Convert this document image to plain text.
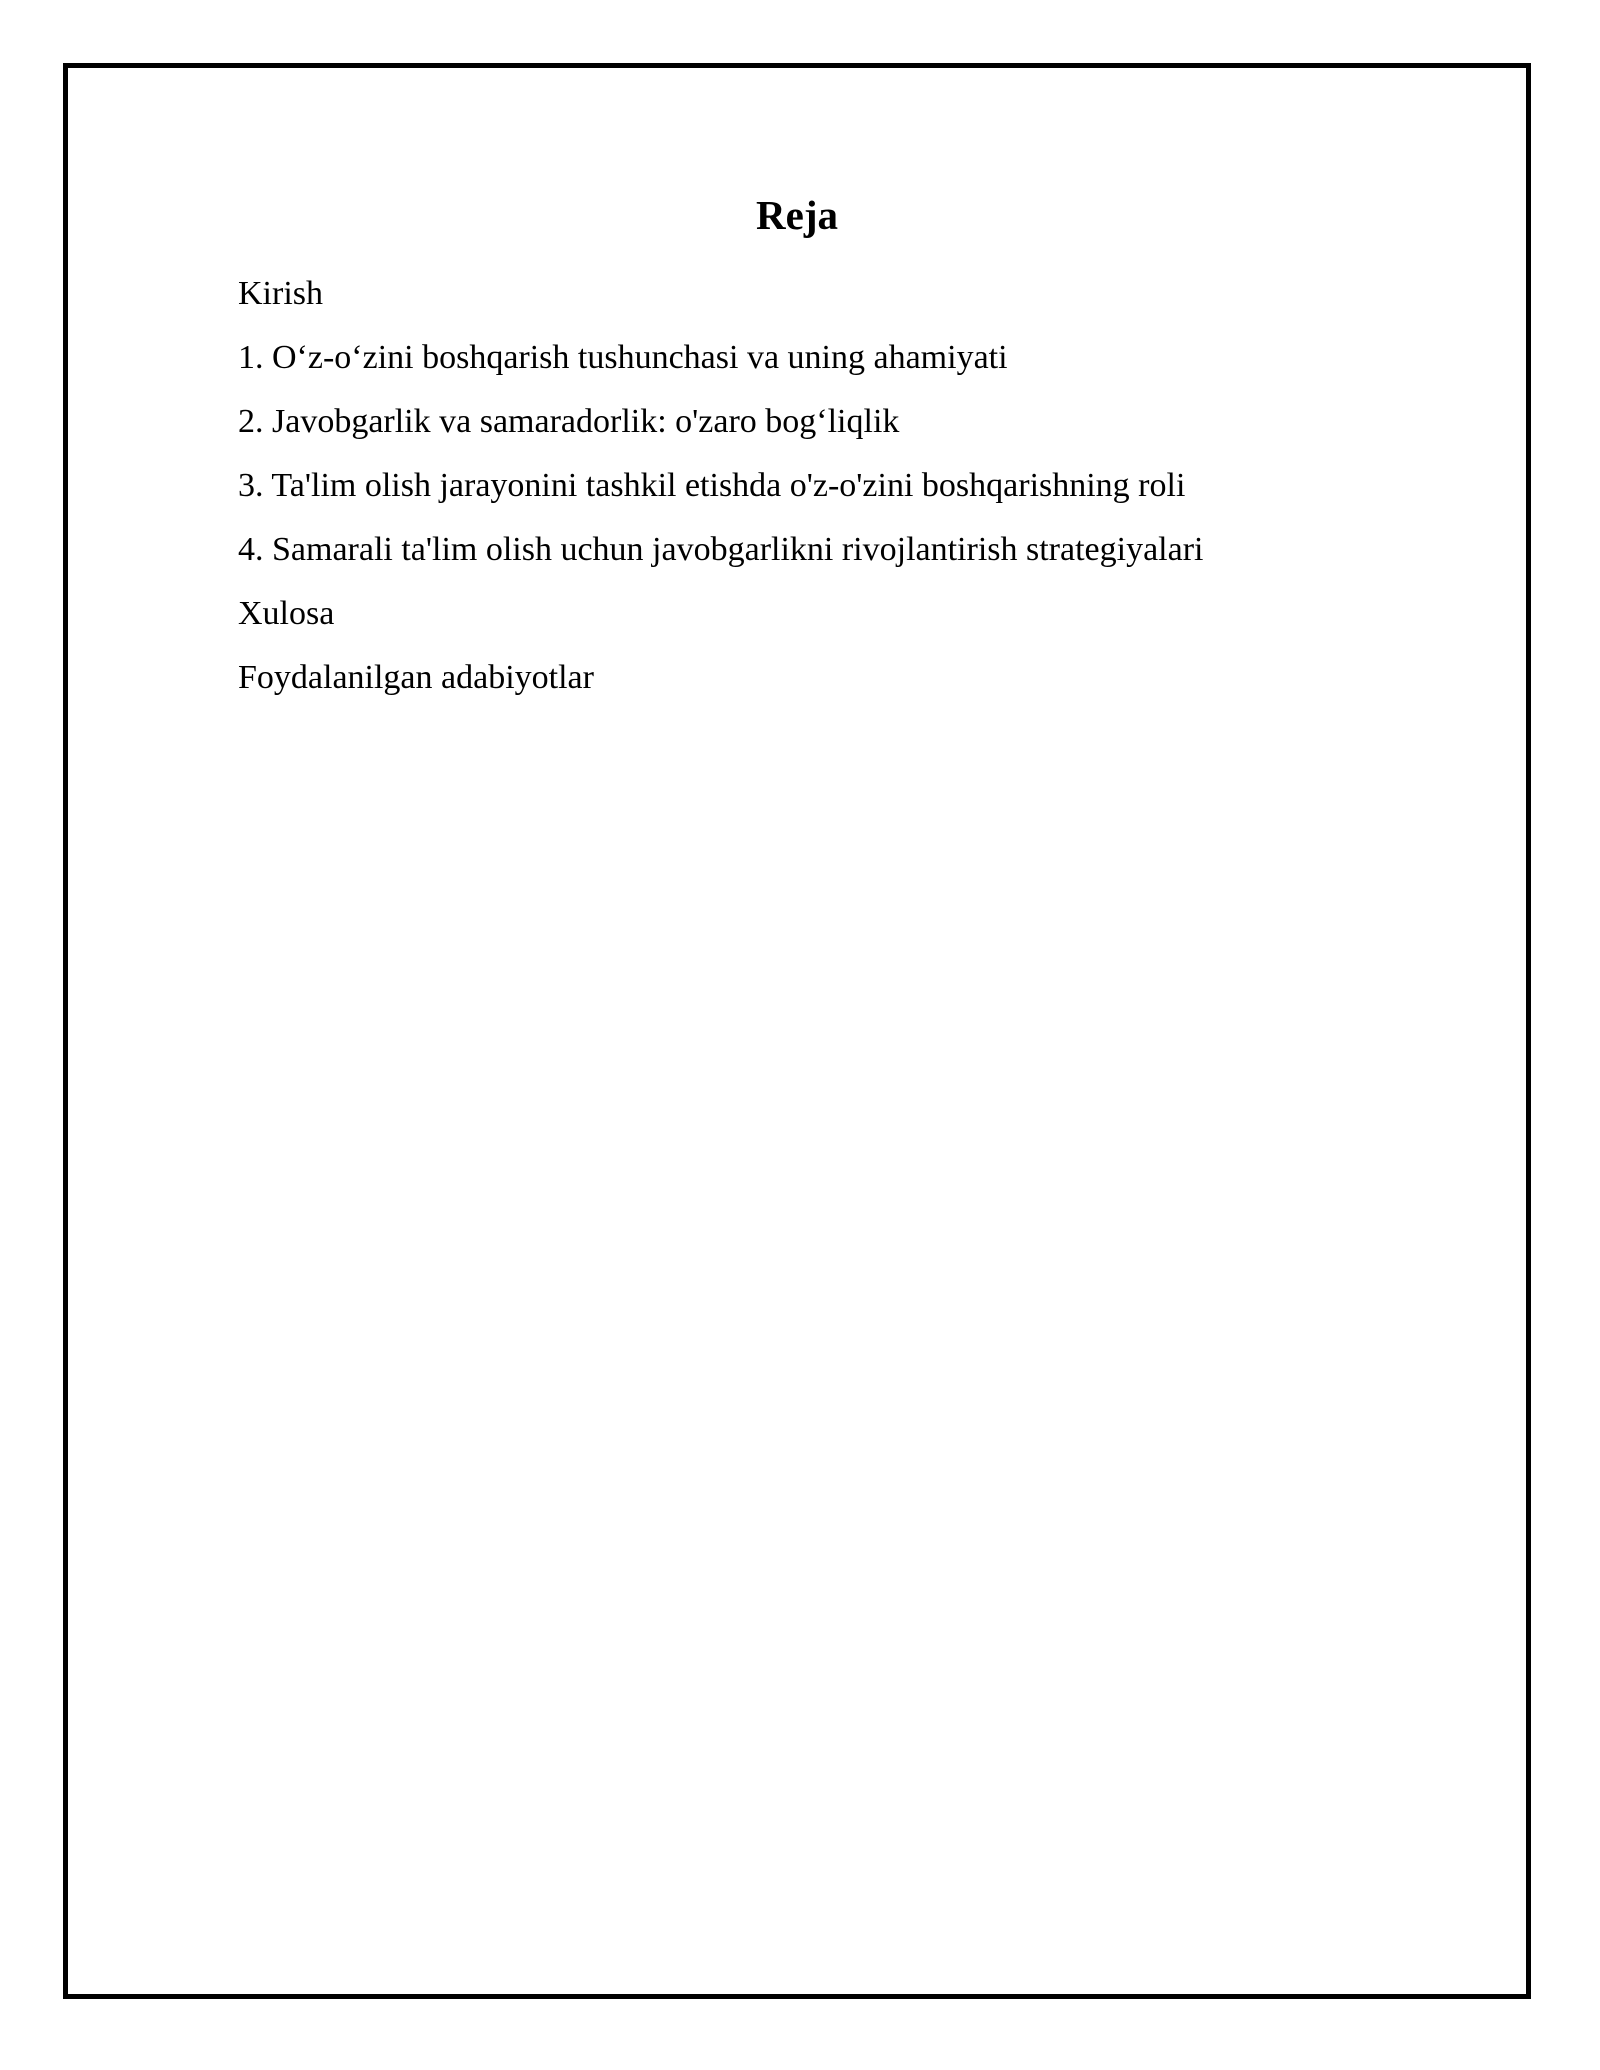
Reja
Kirish
1. O‘z-o‘zini boshqarish tushunchasi va uning ahamiyati
2. Javobgarlik va samaradorlik: o'zaro bog‘liqlik
3. Ta'lim olish jarayonini tashkil etishda o'z-o'zini boshqarishning roli
4. Samarali ta'lim olish uchun javobgarlikni rivojlantirish strategiyalari
Xulosa
Foydalanilgan adabiyotlar
